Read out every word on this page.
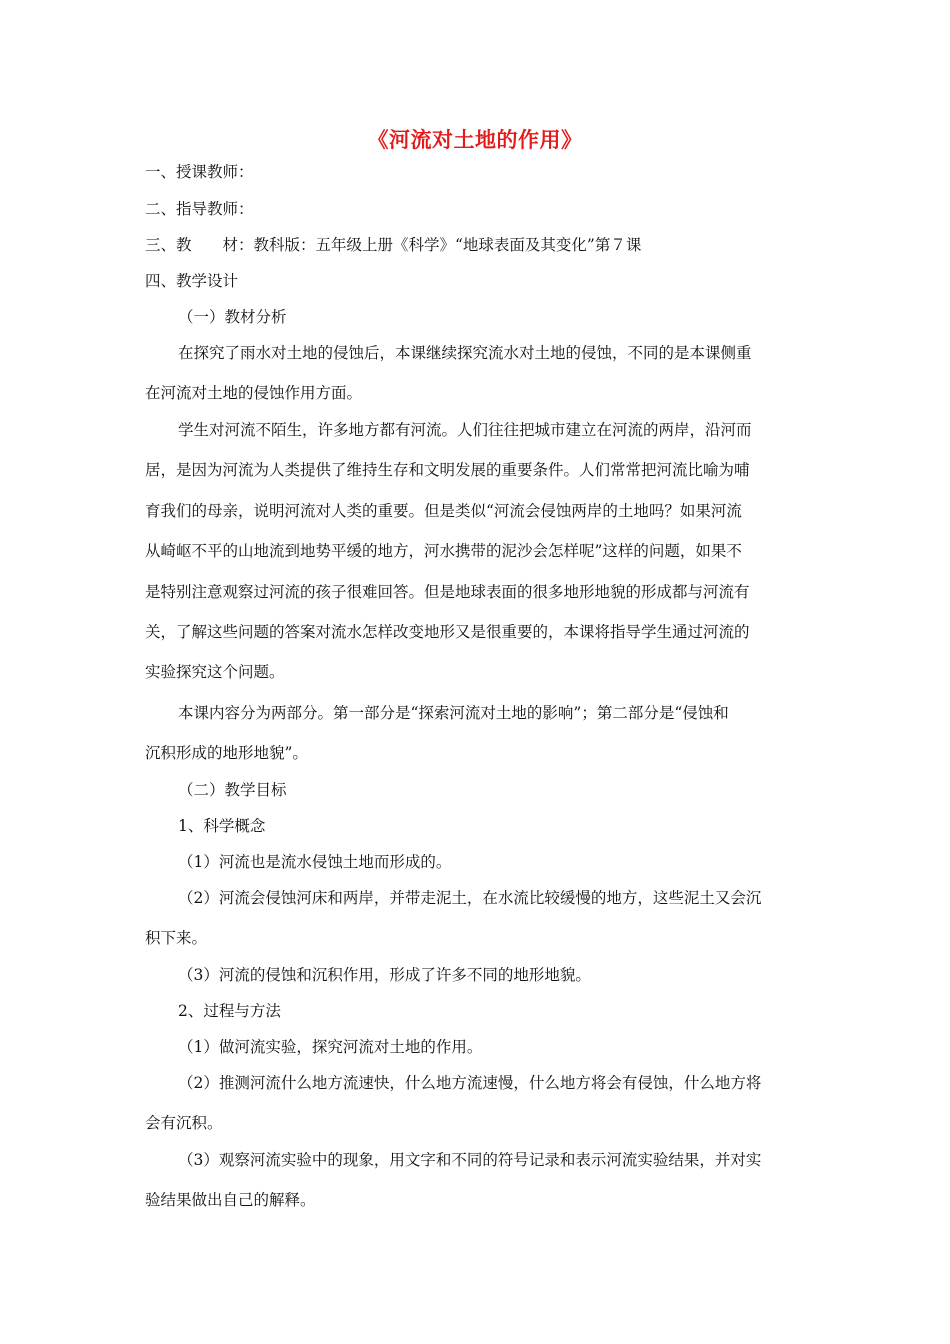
《河流对土地的作用》
一、授课教师：
二、指导教师：
三、教　　材：教科版：五年级上册《科学》“地球表面及其变化”第７课
四、教学设计
（一）教材分析
在探究了雨水对土地的侵蚀后，本课继续探究流水对土地的侵蚀，不同的是本课侧重
在河流对土地的侵蚀作用方面。
学生对河流不陌生，许多地方都有河流。人们往往把城市建立在河流的两岸，沿河而
居，是因为河流为人类提供了维持生存和文明发展的重要条件。人们常常把河流比喻为哺
育我们的母亲，说明河流对人类的重要。但是类似“河流会侵蚀两岸的土地吗？如果河流
从崎岖不平的山地流到地势平缓的地方，河水携带的泥沙会怎样呢”这样的问题，如果不
是特别注意观察过河流的孩子很难回答。但是地球表面的很多地形地貌的形成都与河流有
关，了解这些问题的答案对流水怎样改变地形又是很重要的，本课将指导学生通过河流的
实验探究这个问题。
本课内容分为两部分。第一部分是“探索河流对土地的影响”；第二部分是“侵蚀和
沉积形成的地形地貌”。
（二）教学目标
1、科学概念
（1）河流也是流水侵蚀土地而形成的。
（2）河流会侵蚀河床和两岸，并带走泥土，在水流比较缓慢的地方，这些泥土又会沉
积下来。
（3）河流的侵蚀和沉积作用，形成了许多不同的地形地貌。
2、过程与方法
（1）做河流实验，探究河流对土地的作用。
（2）推测河流什么地方流速快，什么地方流速慢，什么地方将会有侵蚀，什么地方将
会有沉积。
（3）观察河流实验中的现象，用文字和不同的符号记录和表示河流实验结果，并对实
验结果做出自己的解释。
